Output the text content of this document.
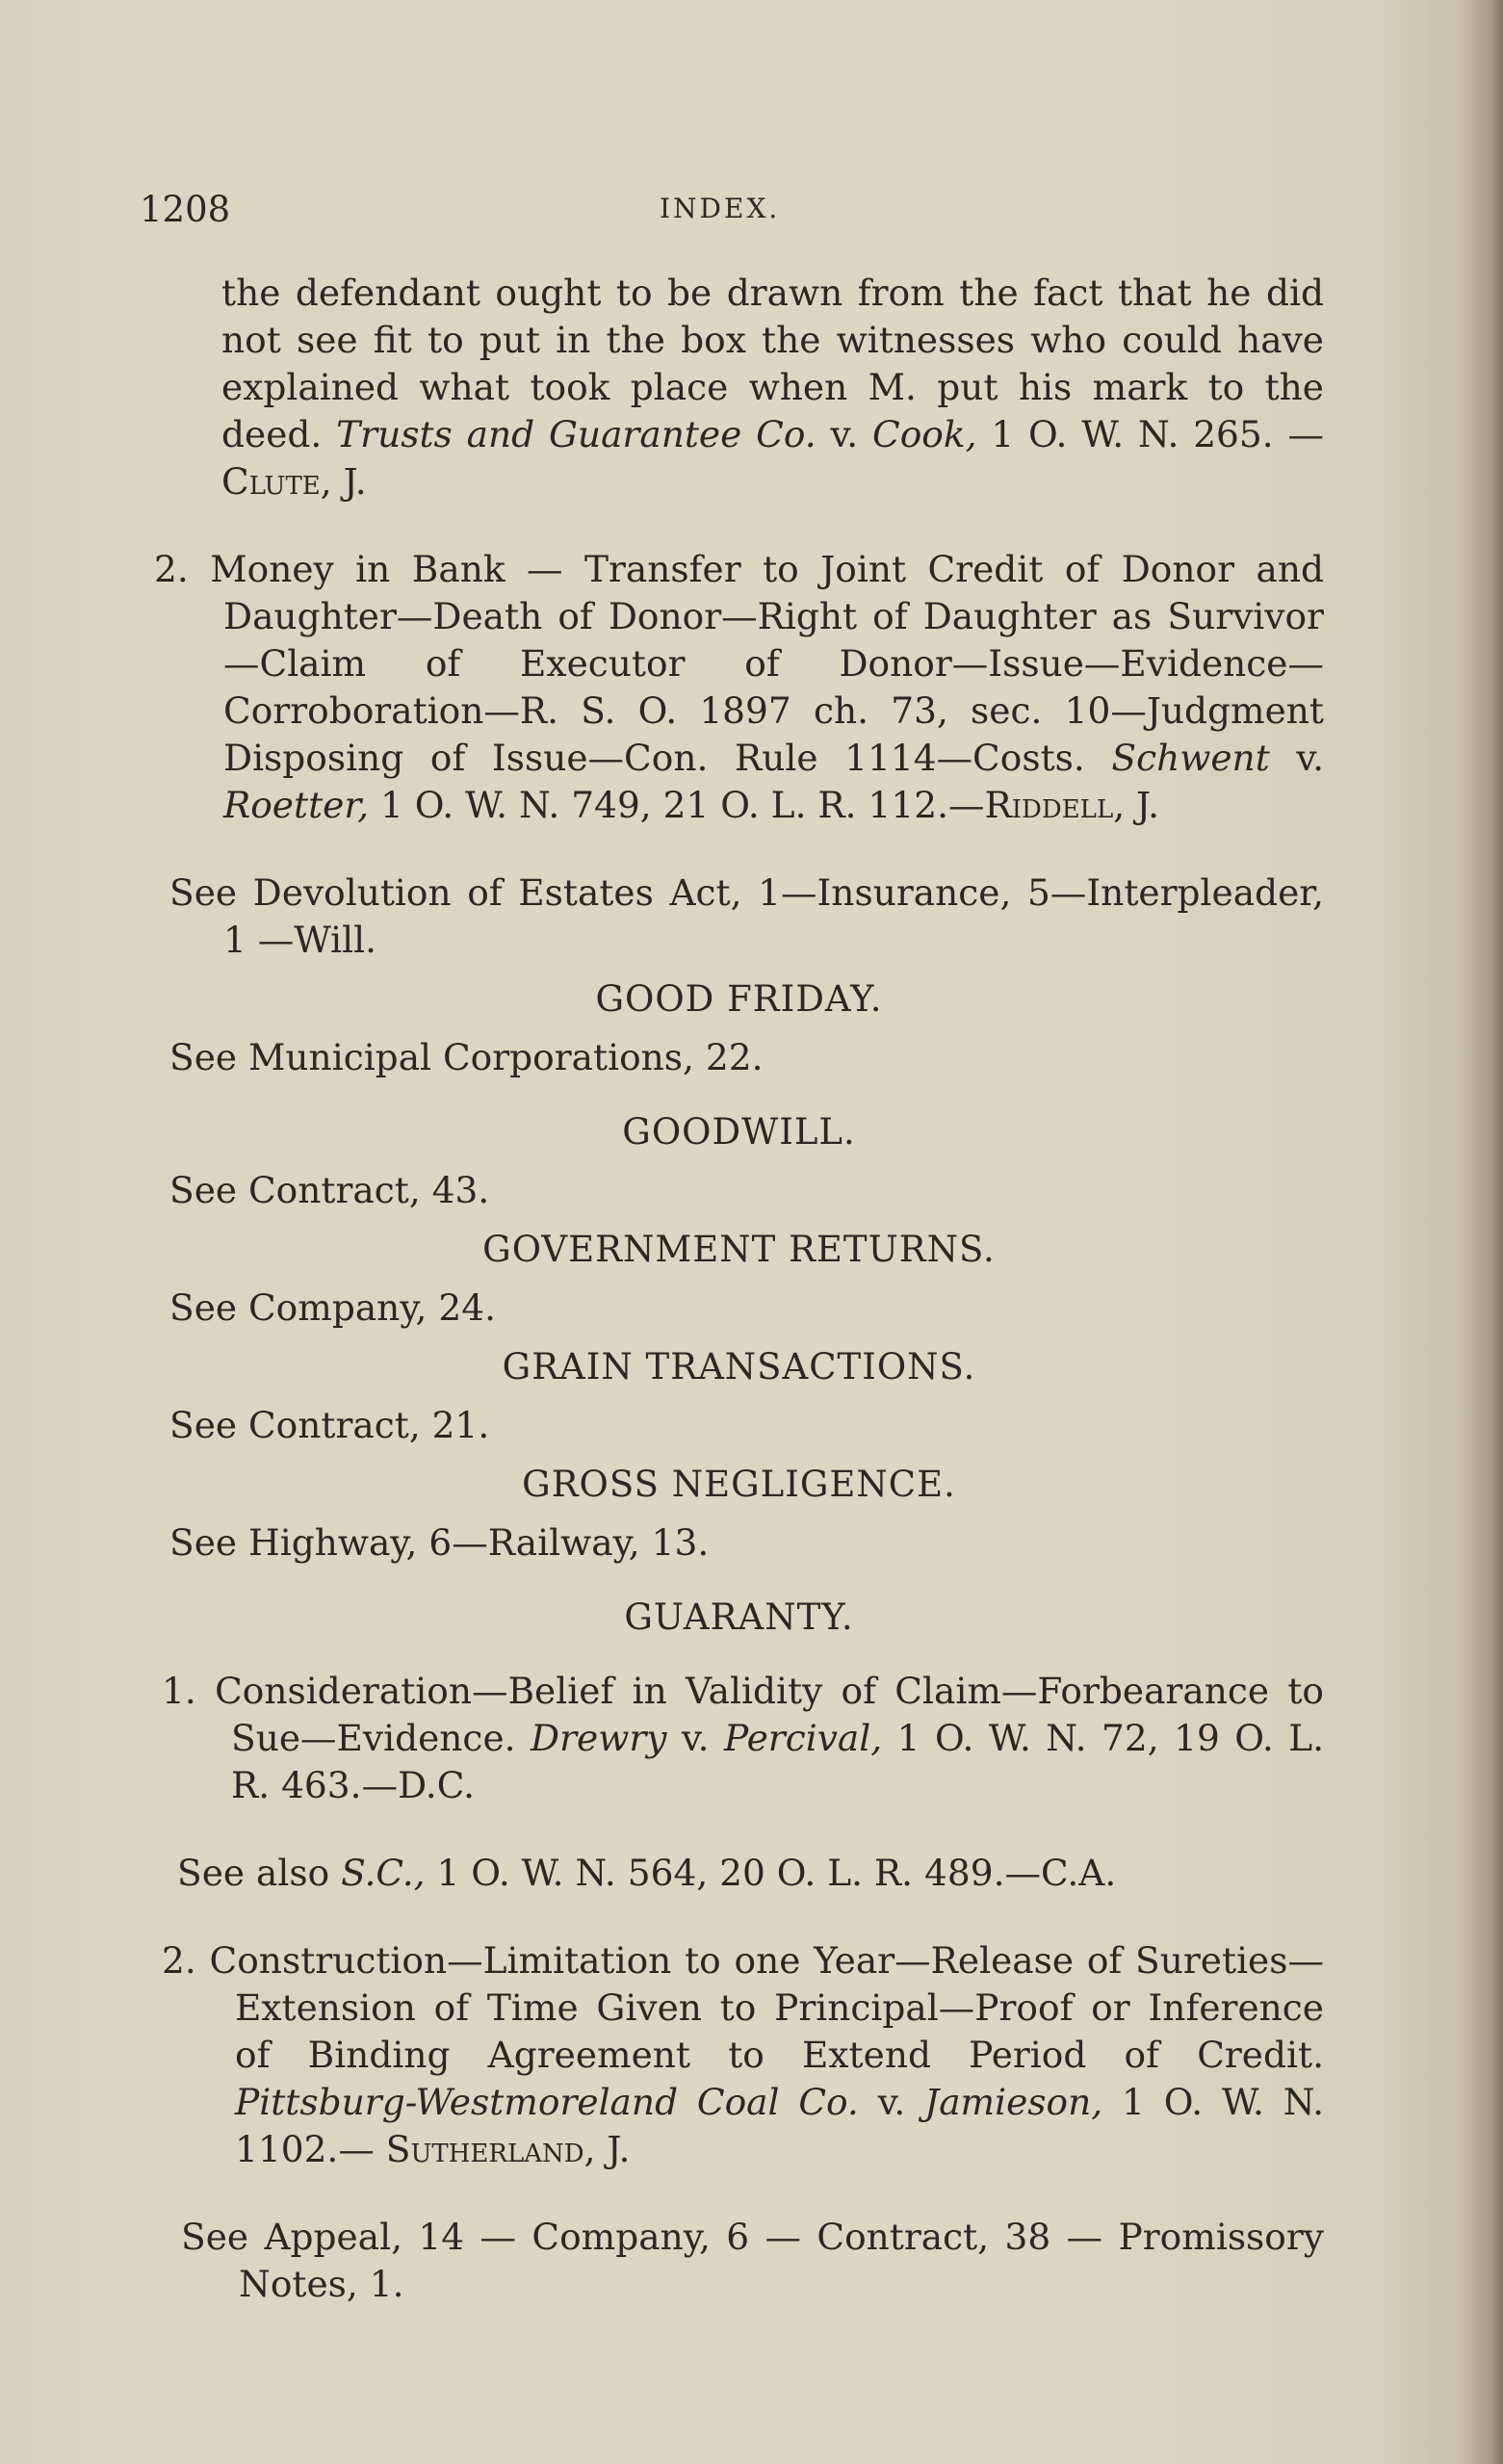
1208	INDEX.

the defendant ought to be drawn from the fact that he did not see fit to put in the box the witnesses who could have explained what took place when M. put his mark to the deed. Trusts and Guarantee Co. v. Cook, 1 O. W. N. 265. — Clute, J.

2. Money in Bank — Transfer to Joint Credit of Donor and Daughter—Death of Donor—Right of Daughter as Survivor —Claim of Executor of Donor—Issue—Evidence—Corroboration—R. S. O. 1897 ch. 73, sec. 10—Judgment Disposing of Issue—Con. Rule 1114—Costs. Schwent v. Roetter, 1 O. W. N. 749, 21 O. L. R. 112.—Riddell, J.

See Devolution of Estates Act, 1—Insurance, 5—Interpleader, 1 —Will.

GOOD FRIDAY.

See Municipal Corporations, 22.

GOODWILL.

See Contract, 43.

GOVERNMENT RETURNS.

See Company, 24.

GRAIN TRANSACTIONS.

See Contract, 21.

GROSS NEGLIGENCE.

See Highway, 6—Railway, 13.

GUARANTY.

1. Consideration—Belief in Validity of Claim—Forbearance to Sue—Evidence. Drewry v. Percival, 1 O. W. N. 72, 19 O. L. R. 463.—D.C.

See also S.C., 1 O. W. N. 564, 20 O. L. R. 489.—C.A.

2. Construction—Limitation to one Year—Release of Sureties—Extension of Time Given to Principal—Proof or Inference of Binding Agreement to Extend Period of Credit. Pittsburg-Westmoreland Coal Co. v. Jamieson, 1 O. W. N. 1102.— Sutherland, J.

See Appeal, 14 — Company, 6 — Contract, 38 — Promissory Notes, 1.
